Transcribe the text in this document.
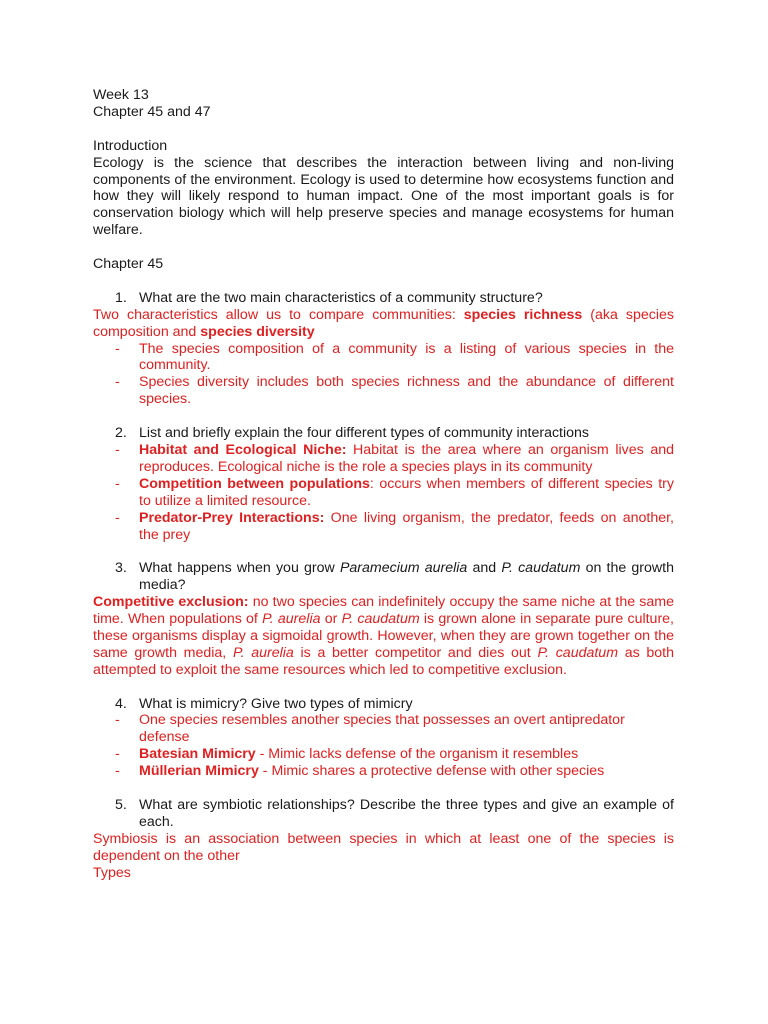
Week 13

Chapter 45 and 47

Introduction

Ecology is the science that describes the interaction between living and non-living components of the environment. Ecology is used to determine how ecosystems function and how they will likely respond to human impact. One of the most important goals is for conservation biology which will help preserve species and manage ecosystems for human welfare.

Chapter 45

1. What are the two main characteristics of a community structure?

Two characteristics allow us to compare communities: species richness (aka species composition and species diversity

- The species composition of a community is a listing of various species in the community.
- Species diversity includes both species richness and the abundance of different species.
2. List and briefly explain the four different types of community interactions
- Habitat and Ecological Niche: Habitat is the area where an organism lives and reproduces. Ecological niche is the role a species plays in its community
- Competition between populations: occurs when members of different species try to utilize a limited resource.
- Predator-Prey Interactions: One living organism, the predator, feeds on another, the prey
3. What happens when you grow Paramecium aurelia and P. caudatum on the growth media?

Competitive exclusion: no two species can indefinitely occupy the same niche at the same time. When populations of P. aurelia or P. caudatum is grown alone in separate pure culture, these organisms display a sigmoidal growth. However, when they are grown together on the same growth media, P. aurelia is a better competitor and dies out P. caudatum as both attempted to exploit the same resources which led to competitive exclusion.

4. What is mimicry? Give two types of mimicry
- One species resembles another species that possesses an overt antipredator defense
- Batesian Mimicry - Mimic lacks defense of the organism it resembles
- Müllerian Mimicry - Mimic shares a protective defense with other species
5. What are symbiotic relationships? Describe the three types and give an example of each.

Symbiosis is an association between species in which at least one of the species is dependent on the other

Types
